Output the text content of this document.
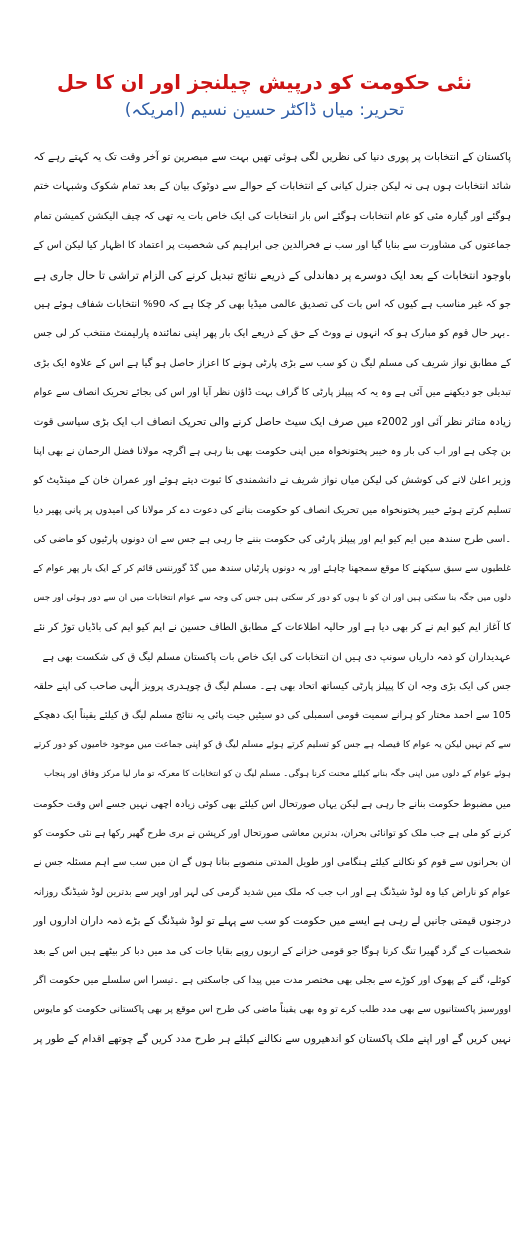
نئی حکومت کو درپیش چیلنجز اور ان کا حل
تحریر: میاں ڈاکٹر حسین نسیم (امریکہ)
پاکستان کے انتخابات پر پوری دنیا کی نظریں لگی ہوئی تھیں بہت سے مبصرین تو آخر وقت تک یہ کہتے رہے کہ
شائد انتخابات ہوں ہی نہ لیکن جنرل کیانی کے انتخابات کے حوالے سے دوٹوک بیان کے بعد تمام شکوک وشبہات ختم
ہوگئے اور گیارہ مئی کو عام انتخابات ہوگئے اس بار انتخابات کی ایک خاص بات یہ تھی کہ چیف الیکشن کمیشن تمام
جماعتوں کی مشاورت سے بنایا گیا اور سب نے فخرالدین جی ابراہیم کی شخصیت پر اعتماد کا اظہار کیا لیکن اس کے
باوجود انتخابات کے بعد ایک دوسرے پر دھاندلی کے ذریعے نتائج تبدیل کرنے کی الزام تراشی تا حال جاری ہے
جو کہ غیر مناسب ہے کیوں کہ اس بات کی تصدیق عالمی میڈیا بھی کر چکا ہے کہ 90% انتخابات شفاف ہوئے ہیں
۔بہر حال قوم کو مبارک ہو کہ انہوں نے ووٹ کے حق کے ذریعے ایک بار پھر اپنی نمائندہ پارلیمنٹ منتخب کر لی جس
کے مطابق نواز شریف کی مسلم لیگ ن کو سب سے بڑی پارٹی ہونے کا اعزاز حاصل ہو گیا ہے اس کے علاوہ ایک بڑی
تبدیلی جو دیکھنے میں آئی ہے وہ یہ کہ پیپلز پارٹی کا گراف بہت ڈاؤن نظر آیا اور اس کی بجائے تحریک انصاف سے عوام
زیادہ متاثر نظر آئی اور 2002ء میں صرف ایک سیٹ حاصل کرنے والی تحریک انصاف اب ایک بڑی سیاسی قوت
بن چکی ہے اور اب کی بار وہ خیبر پختونخواہ میں اپنی حکومت بھی بنا رہی ہے اگرچہ مولانا فضل الرحمان نے بھی اپنا
وزیر اعلیٰ لانے کی کوشش کی لیکن میاں نواز شریف نے دانشمندی کا ثبوت دیتے ہوئے اور عمران خان کے مینڈیٹ کو
تسلیم کرتے ہوئے خیبر پختونخواہ میں تحریک انصاف کو حکومت بنانے کی دعوت دے کر مولانا کی امیدوں پر پانی پھیر دیا
۔اسی طرح سندھ میں ایم کیو ایم اور پیپلز پارٹی کی حکومت بننے جا رہی ہے جس سے ان دونوں پارٹیوں کو ماضی کی
غلطیوں سے سبق سیکھنے کا موقع سمجھنا چاہئے اور یہ دونوں پارٹیاں سندھ میں گڈ گورننس قائم کر کے ایک بار پھر عوام کے
دلوں میں جگہ بنا سکتی ہیں اور ان کو نا ہوں کو دور کر سکتی ہیں جس کی وجہ سے عوام انتخابات میں ان سے دور ہوئی اور جس
کا آغاز ایم کیو ایم نے کر بھی دیا ہے اور حالیہ اطلاعات کے مطابق الطاف حسین نے ایم کیو ایم کی باڈیاں توڑ کر نئے
عہدیداران کو ذمہ داریاں سونپ دی ہیں ان انتخابات کی ایک خاص بات پاکستان مسلم لیگ ق کی شکست بھی ہے
جس کی ایک بڑی وجہ ان کا پیپلز پارٹی کیساتھ اتحاد بھی ہے۔ مسلم لیگ ق چوہدری پرویز الٰہی صاحب کی اپنے حلقہ
105 سے احمد مختار کو ہرانے سمیت قومی اسمبلی کی دو سیٹیں جیت پائی یہ نتائج مسلم لیگ ق کیلئے یقیناً ایک دھچکے
سے کم نہیں لیکن یہ عوام کا فیصلہ ہے جس کو تسلیم کرتے ہوئے مسلم لیگ ق کو اپنی جماعت میں موجود خامیوں کو دور کرتے
ہوئے عوام کے دلوں میں اپنی جگہ بنانے کیلئے محنت کرنا ہوگی۔ مسلم لیگ ن کو انتخابات کا معرکہ تو مار لیا مرکز وفاق اور پنجاب
میں مضبوط حکومت بنانے جا رہی ہے لیکن یہاں صورتحال اس کیلئے بھی کوئی زیادہ اچھی نہیں جسے اس وقت حکومت
کرنے کو ملی ہے جب ملک کو توانائی بحران، بدترین معاشی صورتحال اور کرپشن نے بری طرح گھیر رکھا ہے نئی حکومت کو
ان بحرانوں سے قوم کو نکالنے کیلئے ہنگامی اور طویل المدتی منصوبے بنانا ہوں گے ان میں سب سے اہم مسئلہ جس نے
عوام کو ناراض کیا وہ لوڈ شیڈنگ ہے اور اب جب کہ ملک میں شدید گرمی کی لہر اور اوپر سے بدترین لوڈ شیڈنگ روزانہ
درجنوں قیمتی جانیں لے رہی ہے ایسے میں حکومت کو سب سے پہلے تو لوڈ شیڈنگ کے بڑے ذمہ داران اداروں اور
شخصیات کے گرد گھیرا تنگ کرنا ہوگا جو قومی خزانے کے اربوں روپے بقایا جات کی مد میں دبا کر بیٹھے ہیں اس کے بعد
کوئلے، گنے کے پھوک اور کوڑے سے بجلی بھی مختصر مدت میں پیدا کی جاسکتی ہے ۔تیسرا اس سلسلے میں حکومت اگر
اوورسیز پاکستانیوں سے بھی مدد طلب کرے تو وہ بھی یقیناً ماضی کی طرح اس موقع پر بھی پاکستانی حکومت کو مایوس
نہیں کریں گے اور اپنے ملک پاکستان کو اندھیروں سے نکالنے کیلئے ہر طرح مدد کریں گے چوتھے اقدام کے طور پر
